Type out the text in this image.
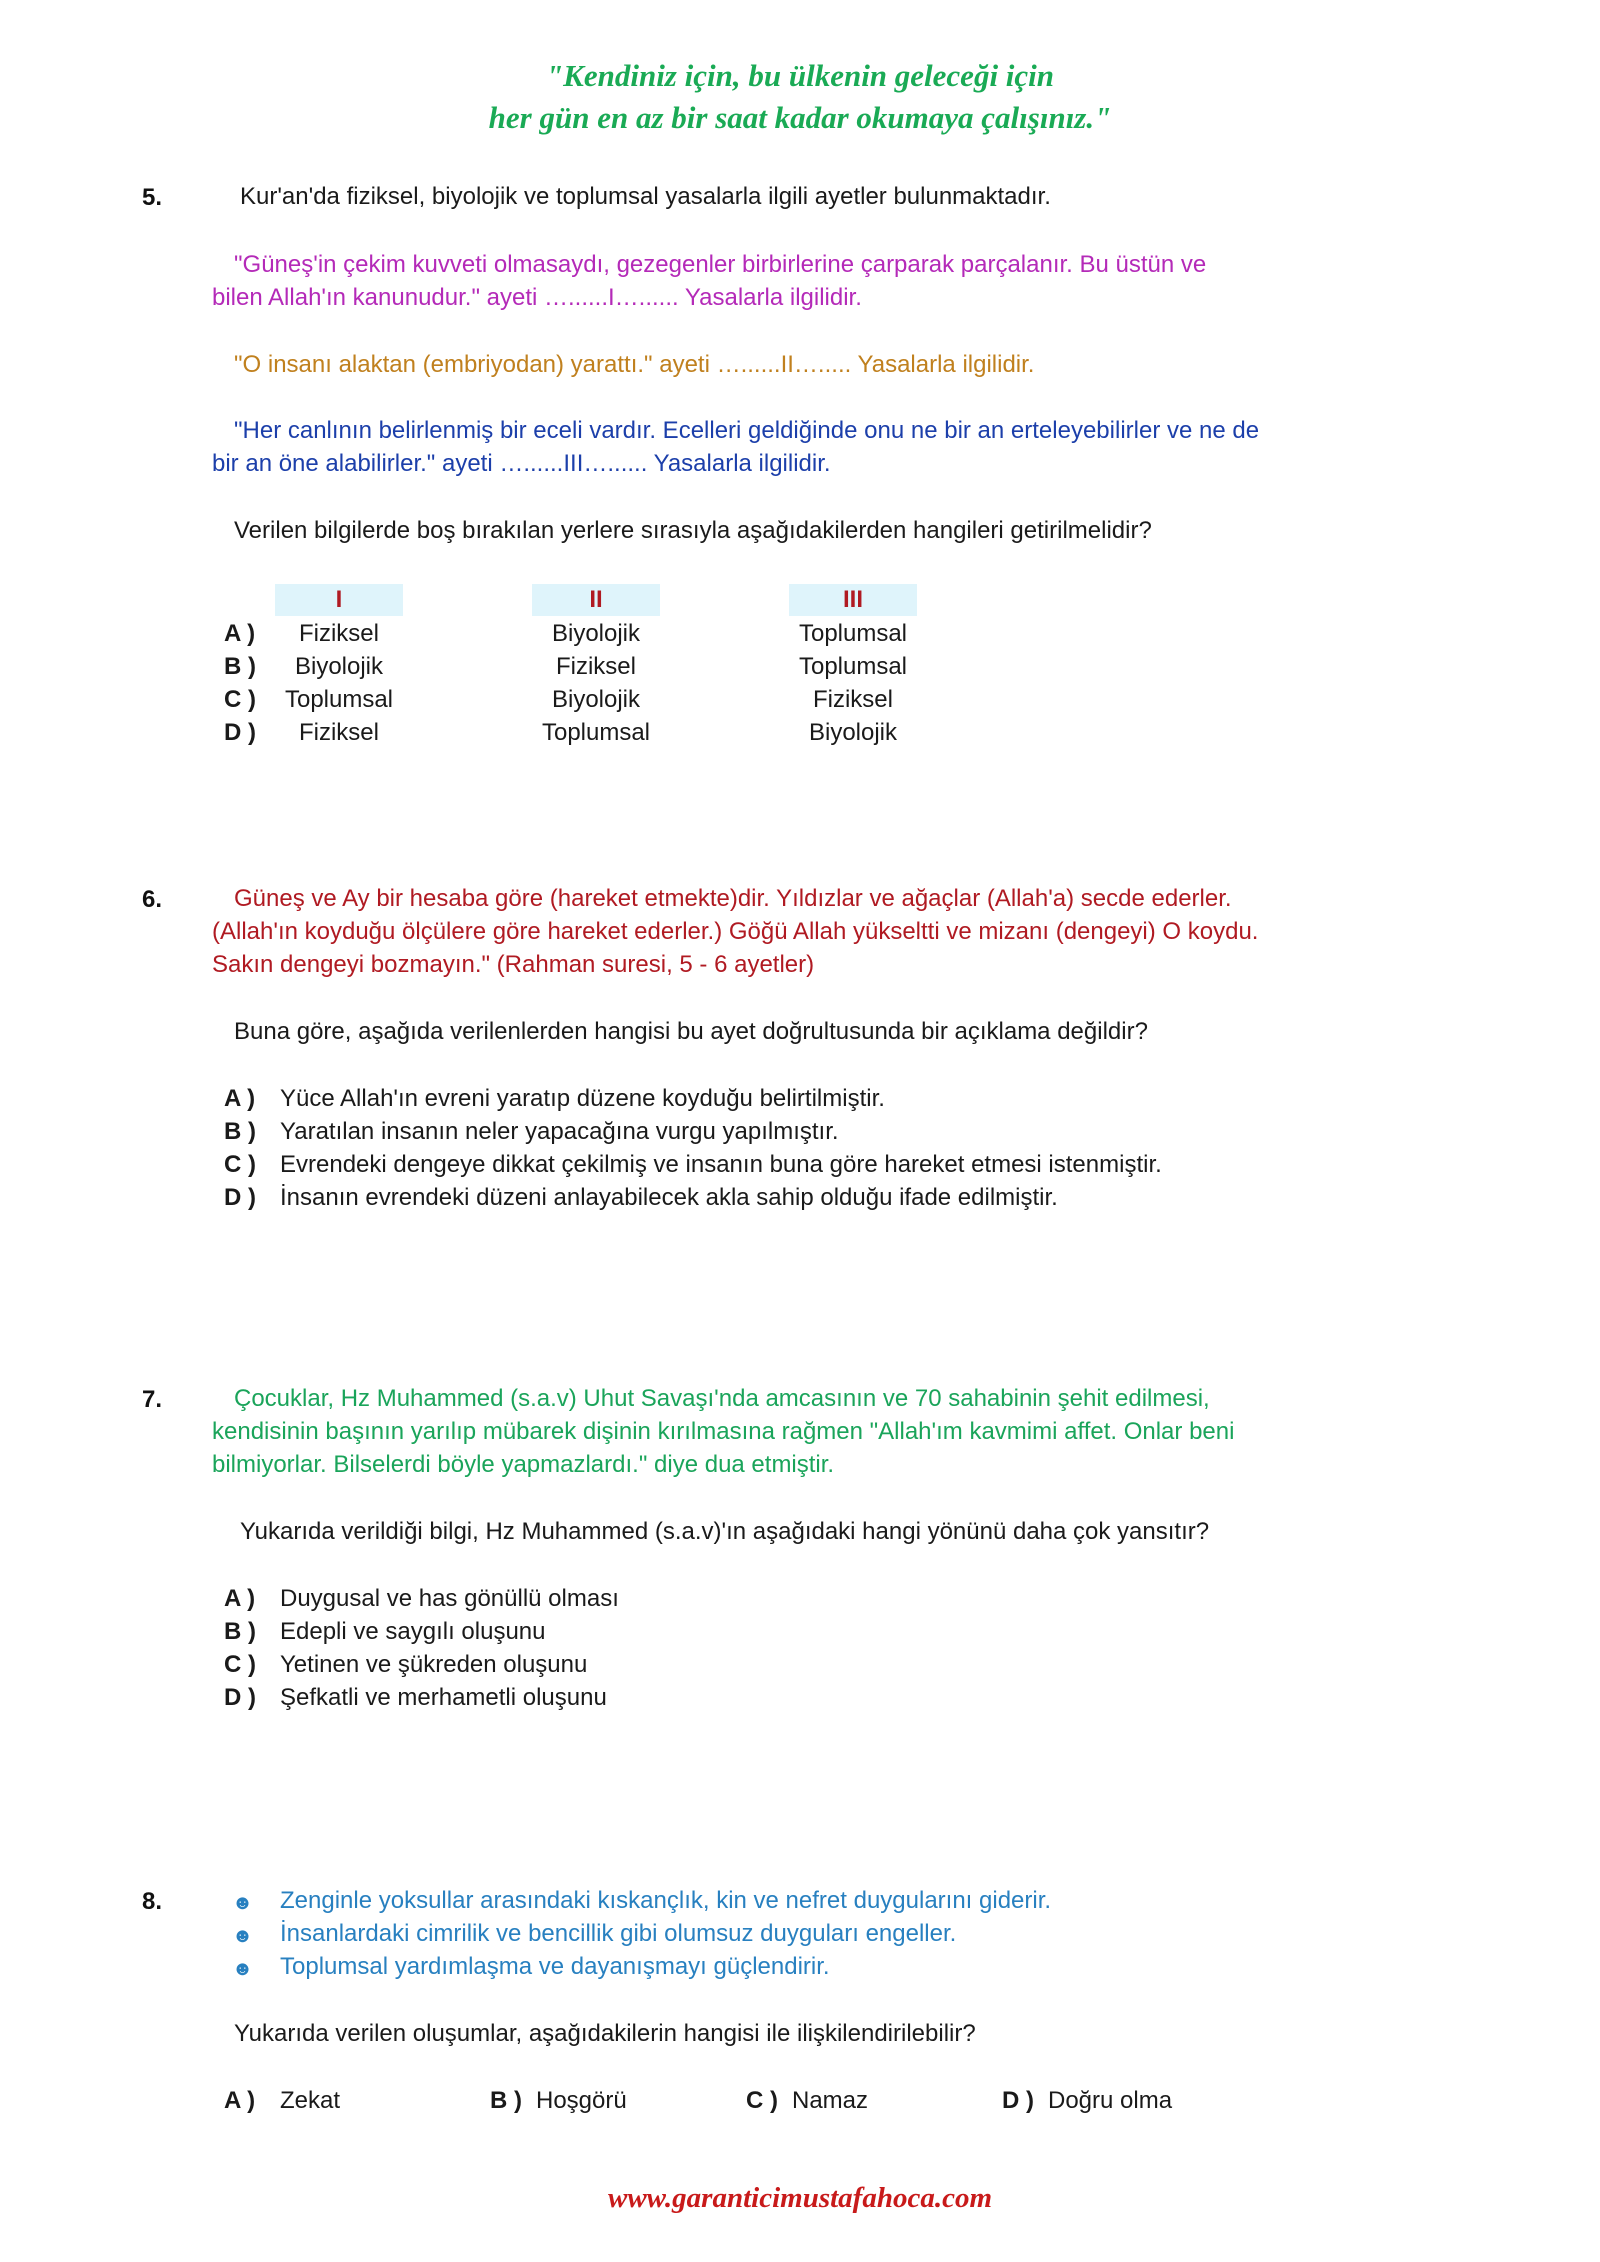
"Kendiniz için, bu ülkenin geleceği için
her gün en az bir saat kadar okumaya çalışınız."
5.	Kur'an'da fiziksel, biyolojik ve toplumsal yasalarla ilgili ayetler bulunmaktadır.
"Güneş'in çekim kuvveti olmasaydı, gezegenler birbirlerine çarparak parçalanır. Bu üstün ve
bilen Allah'ın kanunudur." ayeti …......I…...... Yasalarla ilgilidir.
"O insanı alaktan (embriyodan) yarattı." ayeti …......II…..... Yasalarla ilgilidir.
"Her canlının belirlenmiş bir eceli vardır. Ecelleri geldiğinde onu ne bir an erteleyebilirler ve ne de
bir an öne alabilirler." ayeti …......III…...... Yasalarla ilgilidir.
Verilen bilgilerde boş bırakılan yerlere sırasıyla aşağıdakilerden hangileri getirilmelidir?
I	II	III
A )	Fiziksel	Biyolojik	Toplumsal
B )	Biyolojik	Fiziksel	Toplumsal
C )	Toplumsal	Biyolojik	Fiziksel
D )	Fiziksel	Toplumsal	Biyolojik
6.	Güneş ve Ay bir hesaba göre (hareket etmekte)dir. Yıldızlar ve ağaçlar (Allah'a) secde ederler.
(Allah'ın koyduğu ölçülere göre hareket ederler.) Göğü Allah yükseltti ve mizanı (dengeyi) O koydu.
Sakın dengeyi bozmayın." (Rahman suresi, 5 - 6 ayetler)
Buna göre, aşağıda verilenlerden hangisi bu ayet doğrultusunda bir açıklama değildir?
A ) Yüce Allah'ın evreni yaratıp düzene koyduğu belirtilmiştir.
B ) Yaratılan insanın neler yapacağına vurgu yapılmıştır.
C ) Evrendeki dengeye dikkat çekilmiş ve insanın buna göre hareket etmesi istenmiştir.
D ) İnsanın evrendeki düzeni anlayabilecek akla sahip olduğu ifade edilmiştir.
7.	Çocuklar, Hz Muhammed (s.a.v) Uhut Savaşı'nda amcasının ve 70 sahabinin şehit edilmesi,
kendisinin başının yarılıp mübarek dişinin kırılmasına rağmen "Allah'ım kavmimi affet. Onlar beni
bilmiyorlar. Bilselerdi böyle yapmazlardı." diye dua etmiştir.
Yukarıda verildiği bilgi, Hz Muhammed (s.a.v)'ın aşağıdaki hangi yönünü daha çok yansıtır?
A ) Duygusal ve has gönüllü olması
B ) Edepli ve saygılı oluşunu
C ) Yetinen ve şükreden oluşunu
D ) Şefkatli ve merhametli oluşunu
8.	☻ Zenginle yoksullar arasındaki kıskançlık, kin ve nefret duygularını giderir.
☻ İnsanlardaki cimrilik ve bencillik gibi olumsuz duyguları engeller.
☻ Toplumsal yardımlaşma ve dayanışmayı güçlendirir.
Yukarıda verilen oluşumlar, aşağıdakilerin hangisi ile ilişkilendirilebilir?
A ) Zekat	B ) Hoşgörü	C ) Namaz	D ) Doğru olma
www.garanticimustafahoca.com
